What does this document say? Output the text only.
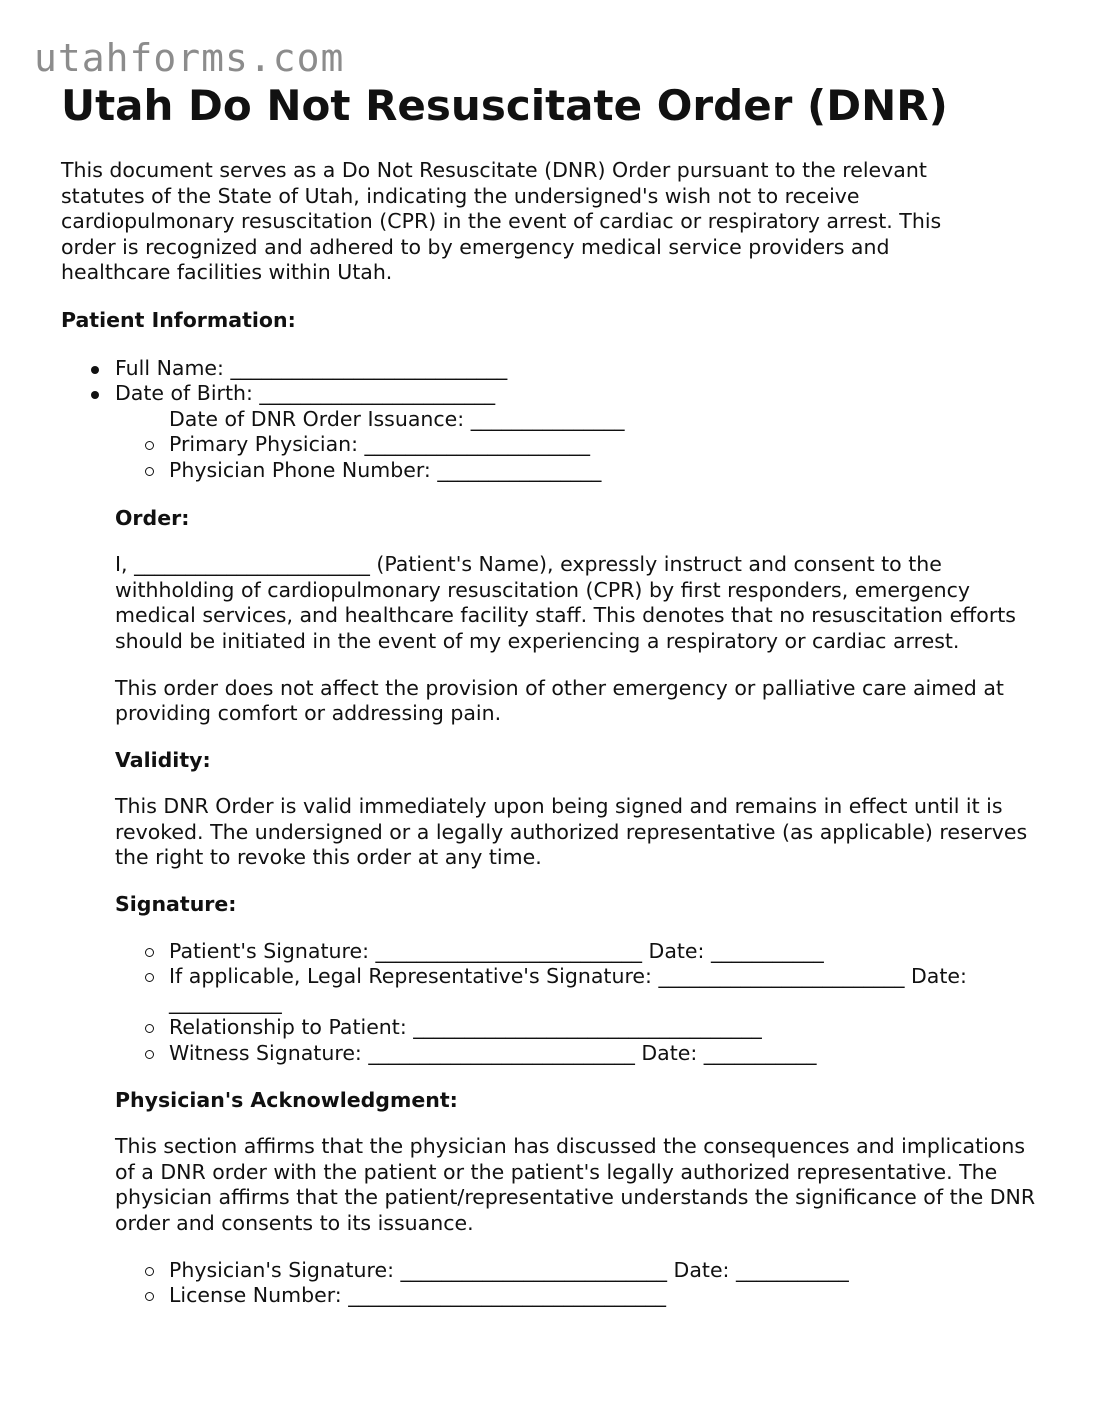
utahforms.com
Utah Do Not Resuscitate Order (DNR)

This document serves as a Do Not Resuscitate (DNR) Order pursuant to the relevant statutes of the State of Utah, indicating the undersigned's wish not to receive cardiopulmonary resuscitation (CPR) in the event of cardiac or respiratory arrest. This order is recognized and adhered to by emergency medical service providers and healthcare facilities within Utah.

Patient Information:
Full Name: ___________________________
Date of Birth: _______________________
Date of DNR Order Issuance: _______________
Primary Physician: ______________________
Physician Phone Number: ________________
Order:

I, _______________________ (Patient's Name), expressly instruct and consent to the withholding of cardiopulmonary resuscitation (CPR) by first responders, emergency medical services, and healthcare facility staff. This denotes that no resuscitation efforts should be initiated in the event of my experiencing a respiratory or cardiac arrest.

This order does not affect the provision of other emergency or palliative care aimed at providing comfort or addressing pain.

Validity:

This DNR Order is valid immediately upon being signed and remains in effect until it is revoked. The undersigned or a legally authorized representative (as applicable) reserves the right to revoke this order at any time.

Signature:
Patient's Signature: __________________________ Date: ___________
If applicable, Legal Representative's Signature: ________________________ Date: ___________
Relationship to Patient: __________________________________
Witness Signature: __________________________ Date: ___________
Physician's Acknowledgment:

This section affirms that the physician has discussed the consequences and implications of a DNR order with the patient or the patient's legally authorized representative. The physician affirms that the patient/representative understands the significance of the DNR order and consents to its issuance.

Physician's Signature: __________________________ Date: ___________
License Number: _______________________________
